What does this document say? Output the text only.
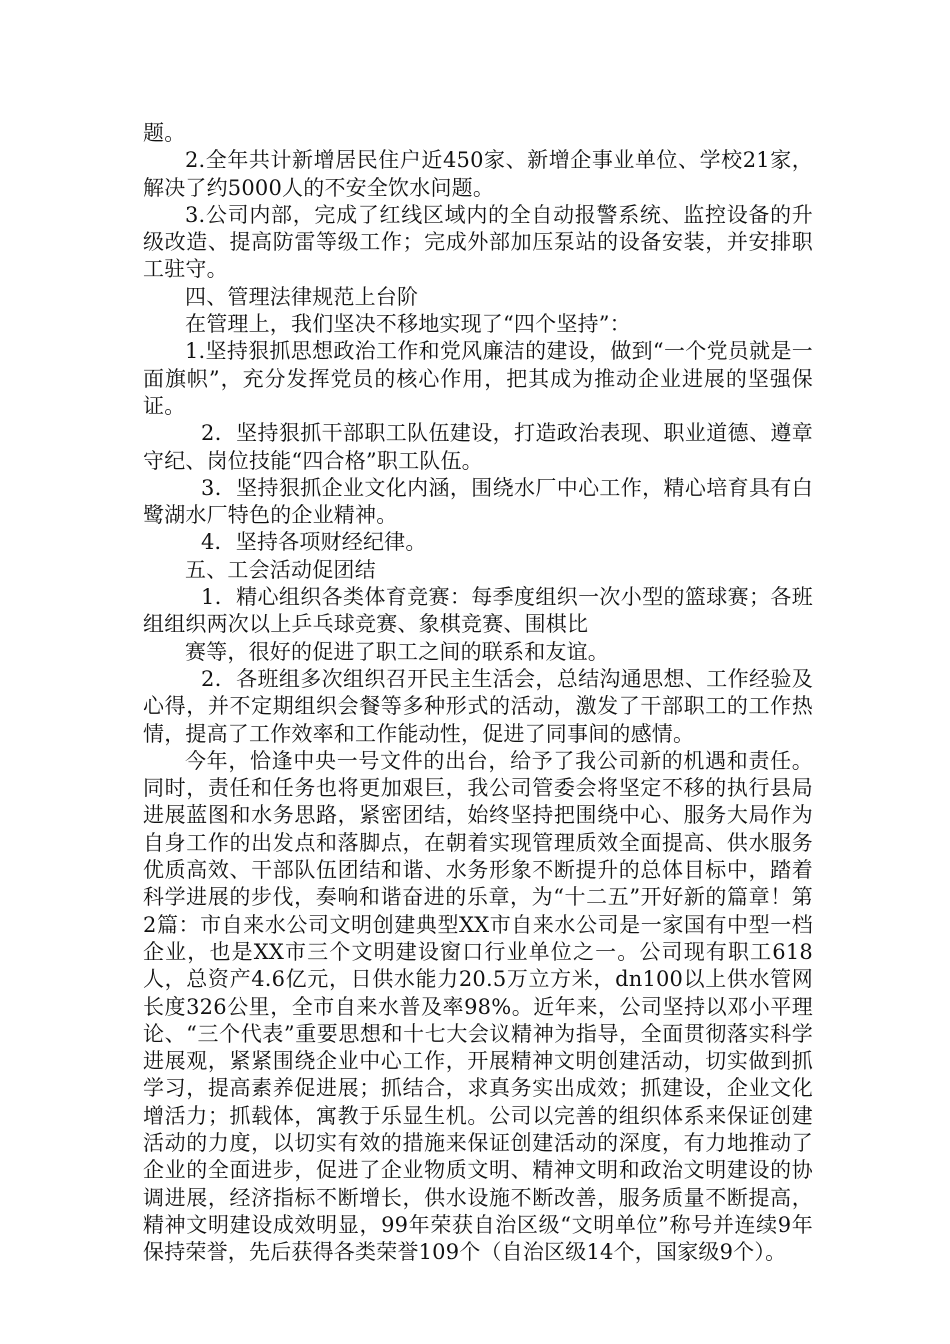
题。

2.全年共计新增居民住户近450家、新增企事业单位、学校21家，解决了约5000人的不安全饮水问题。

3.公司内部，完成了红线区域内的全自动报警系统、监控设备的升级改造、提高防雷等级工作；完成外部加压泵站的设备安装，并安排职工驻守。

四、管理法律规范上台阶

在管理上，我们坚决不移地实现了“四个坚持”：

1.坚持狠抓思想政治工作和党风廉洁的建设，做到“一个党员就是一面旗帜”，充分发挥党员的核心作用，把其成为推动企业进展的坚强保证。

2．坚持狠抓干部职工队伍建设，打造政治表现、职业道德、遵章守纪、岗位技能“四合格”职工队伍。

3．坚持狠抓企业文化内涵，围绕水厂中心工作，精心培育具有白鹭湖水厂特色的企业精神。

4．坚持各项财经纪律。

五、工会活动促团结

1．精心组织各类体育竞赛：每季度组织一次小型的篮球赛；各班组组织两次以上乒乓球竞赛、象棋竞赛、围棋比

赛等，很好的促进了职工之间的联系和友谊。

2．各班组多次组织召开民主生活会，总结沟通思想、工作经验及心得，并不定期组织会餐等多种形式的活动，激发了干部职工的工作热情，提高了工作效率和工作能动性，促进了同事间的感情。

今年，恰逢中央一号文件的出台，给予了我公司新的机遇和责任。同时，责任和任务也将更加艰巨，我公司管委会将坚定不移的执行县局进展蓝图和水务思路，紧密团结，始终坚持把围绕中心、服务大局作为自身工作的出发点和落脚点，在朝着实现管理质效全面提高、供水服务优质高效、干部队伍团结和谐、水务形象不断提升的总体目标中，踏着科学进展的步伐，奏响和谐奋进的乐章，为“十二五”开好新的篇章！第2篇：市自来水公司文明创建典型XX市自来水公司是一家国有中型一档企业，也是XX市三个文明建设窗口行业单位之一。公司现有职工618人，总资产4.6亿元，日供水能力20.5万立方米，dn100以上供水管网长度326公里，全市自来水普及率98%。近年来，公司坚持以邓小平理论、“三个代表”重要思想和十七大会议精神为指导，全面贯彻落实科学进展观，紧紧围绕企业中心工作，开展精神文明创建活动，切实做到抓学习，提高素养促进展；抓结合，求真务实出成效；抓建设，企业文化增活力；抓载体，寓教于乐显生机。公司以完善的组织体系来保证创建活动的力度，以切实有效的措施来保证创建活动的深度，有力地推动了企业的全面进步，促进了企业物质文明、精神文明和政治文明建设的协调进展，经济指标不断增长，供水设施不断改善，服务质量不断提高，精神文明建设成效明显，99年荣获自治区级“文明单位”称号并连续9年保持荣誉，先后获得各类荣誉109个（自治区级14个，国家级9个）。
